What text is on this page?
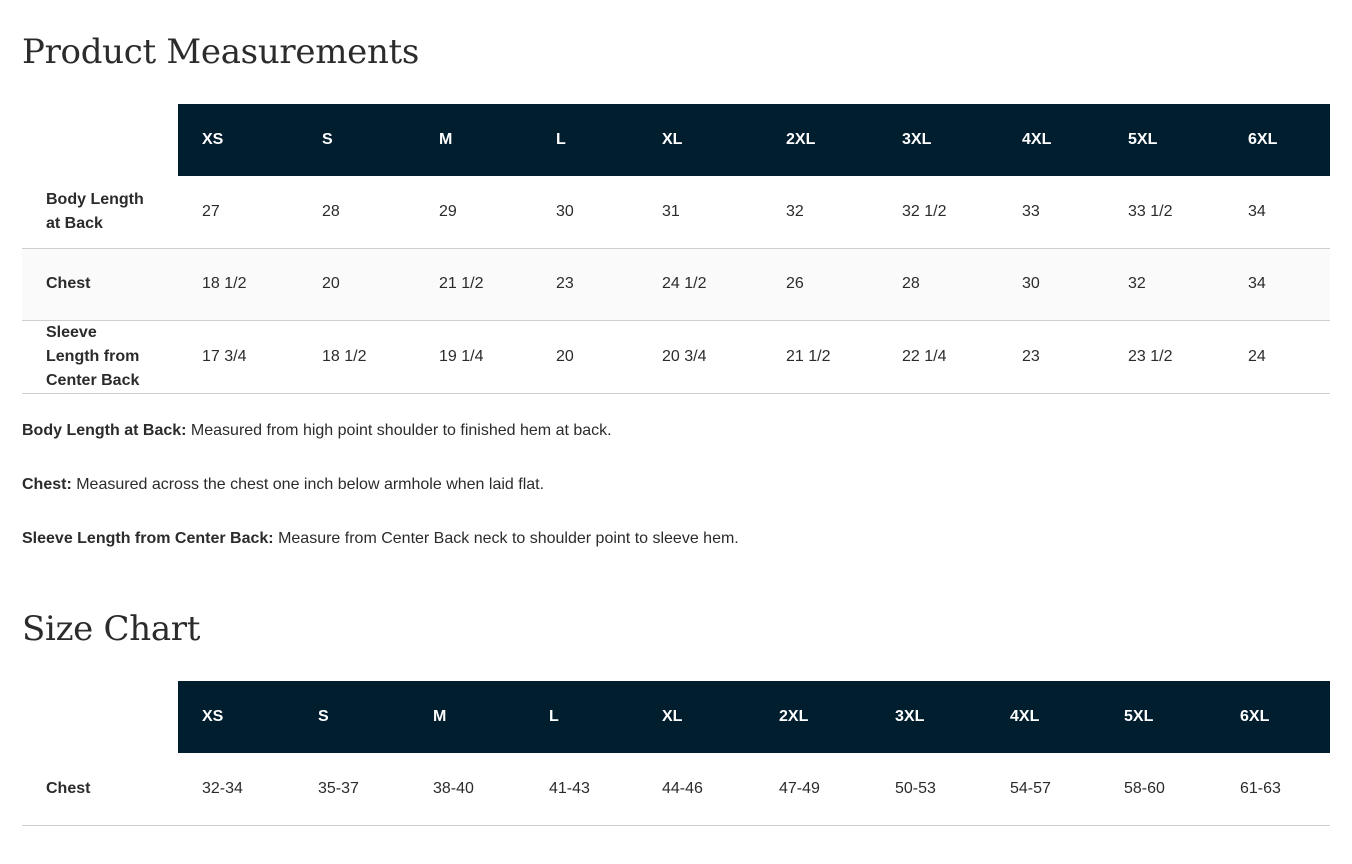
Product Measurements
	XS	S	M	L	XL	2XL	3XL	4XL	5XL	6XL
Body Length at Back	27	28	29	30	31	32	32 1/2	33	33 1/2	34
Chest	18 1/2	20	21 1/2	23	24 1/2	26	28	30	32	34
Sleeve Length from Center Back	17 3/4	18 1/2	19 1/4	20	20 3/4	21 1/2	22 1/4	23	23 1/2	24

Body Length at Back: Measured from high point shoulder to finished hem at back.

Chest: Measured across the chest one inch below armhole when laid flat.

Sleeve Length from Center Back: Measure from Center Back neck to shoulder point to sleeve hem.

Size Chart
	XS	S	M	L	XL	2XL	3XL	4XL	5XL	6XL
Chest	32-34	35-37	38-40	41-43	44-46	47-49	50-53	54-57	58-60	61-63
